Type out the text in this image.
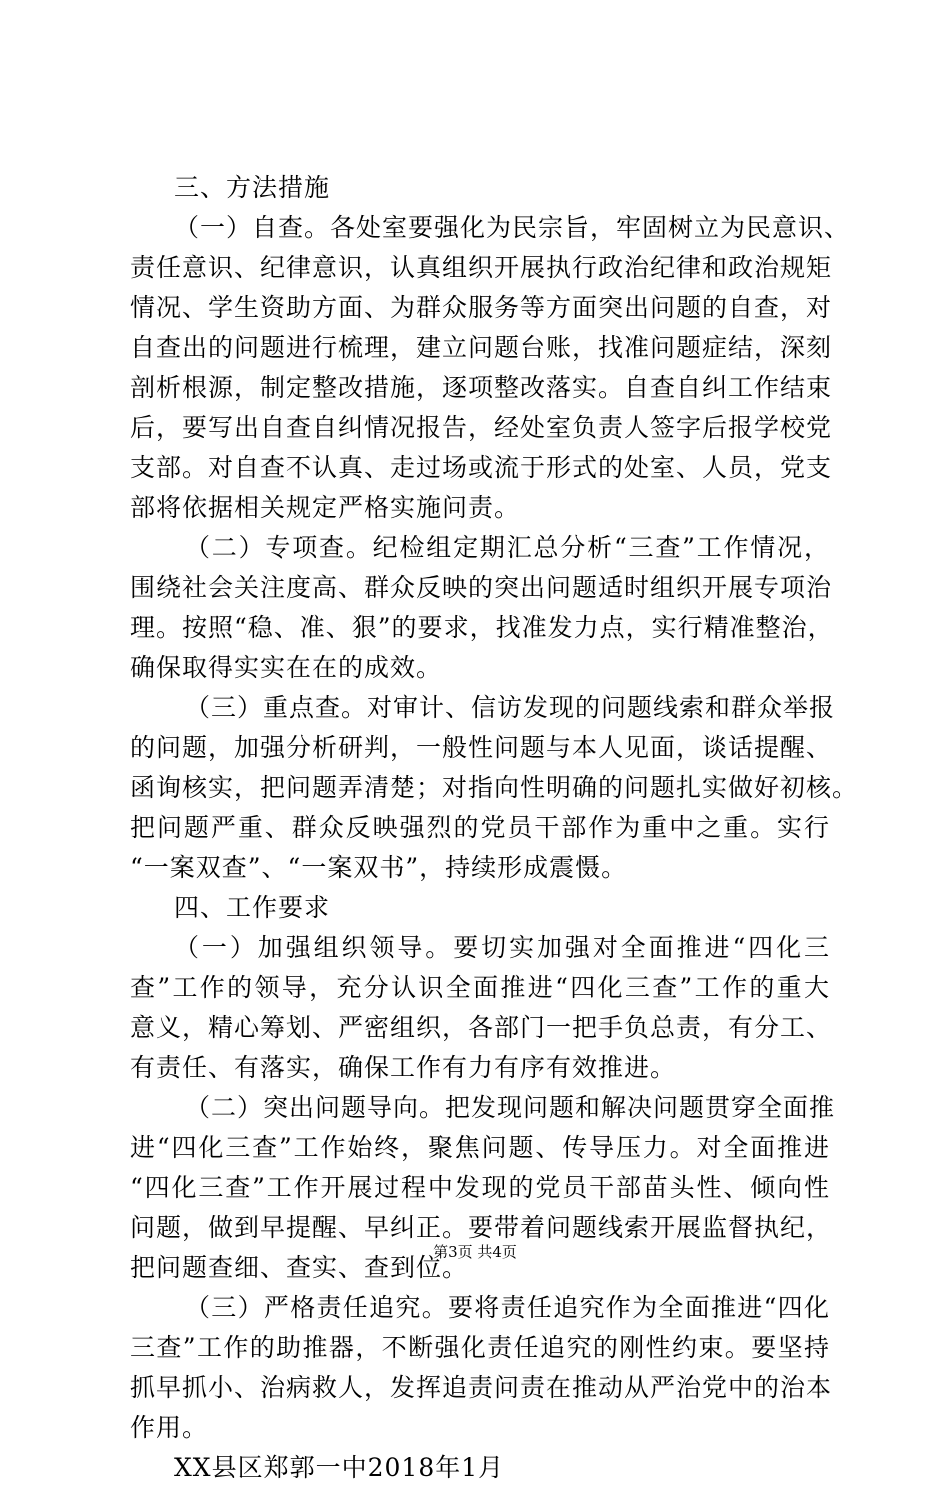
三、方法措施
（一）自查。各处室要强化为民宗旨，牢固树立为民意识、
责任意识、纪律意识，认真组织开展执行政治纪律和政治规矩
情况、学生资助方面、为群众服务等方面突出问题的自查，对
自查出的问题进行梳理，建立问题台账，找准问题症结，深刻
剖析根源，制定整改措施，逐项整改落实。自查自纠工作结束
后，要写出自查自纠情况报告，经处室负责人签字后报学校党
支部。对自查不认真、走过场或流于形式的处室、人员，党支
部将依据相关规定严格实施问责。
（二）专项查。纪检组定期汇总分析“三查”工作情况，
围绕社会关注度高、群众反映的突出问题适时组织开展专项治
理。按照“稳、准、狠”的要求，找准发力点，实行精准整治，
确保取得实实在在的成效。
（三）重点查。对审计、信访发现的问题线索和群众举报
的问题，加强分析研判，一般性问题与本人见面，谈话提醒、
函询核实，把问题弄清楚；对指向性明确的问题扎实做好初核。
把问题严重、群众反映强烈的党员干部作为重中之重。实行
“一案双查”、“一案双书”，持续形成震慑。
四、工作要求
（一）加强组织领导。要切实加强对全面推进“四化三
查”工作的领导，充分认识全面推进“四化三查”工作的重大
意义，精心筹划、严密组织，各部门一把手负总责，有分工、
有责任、有落实，确保工作有力有序有效推进。
（二）突出问题导向。把发现问题和解决问题贯穿全面推
进“四化三查”工作始终，聚焦问题、传导压力。对全面推进
“四化三查”工作开展过程中发现的党员干部苗头性、倾向性
问题，做到早提醒、早纠正。要带着问题线索开展监督执纪，
把问题查细、查实、查到位。
（三）严格责任追究。要将责任追究作为全面推进“四化
三查”工作的助推器，不断强化责任追究的刚性约束。要坚持
抓早抓小、治病救人，发挥追责问责在推动从严治党中的治本
作用。
XX县区郑郭一中2018年1月
第3页 共4页
